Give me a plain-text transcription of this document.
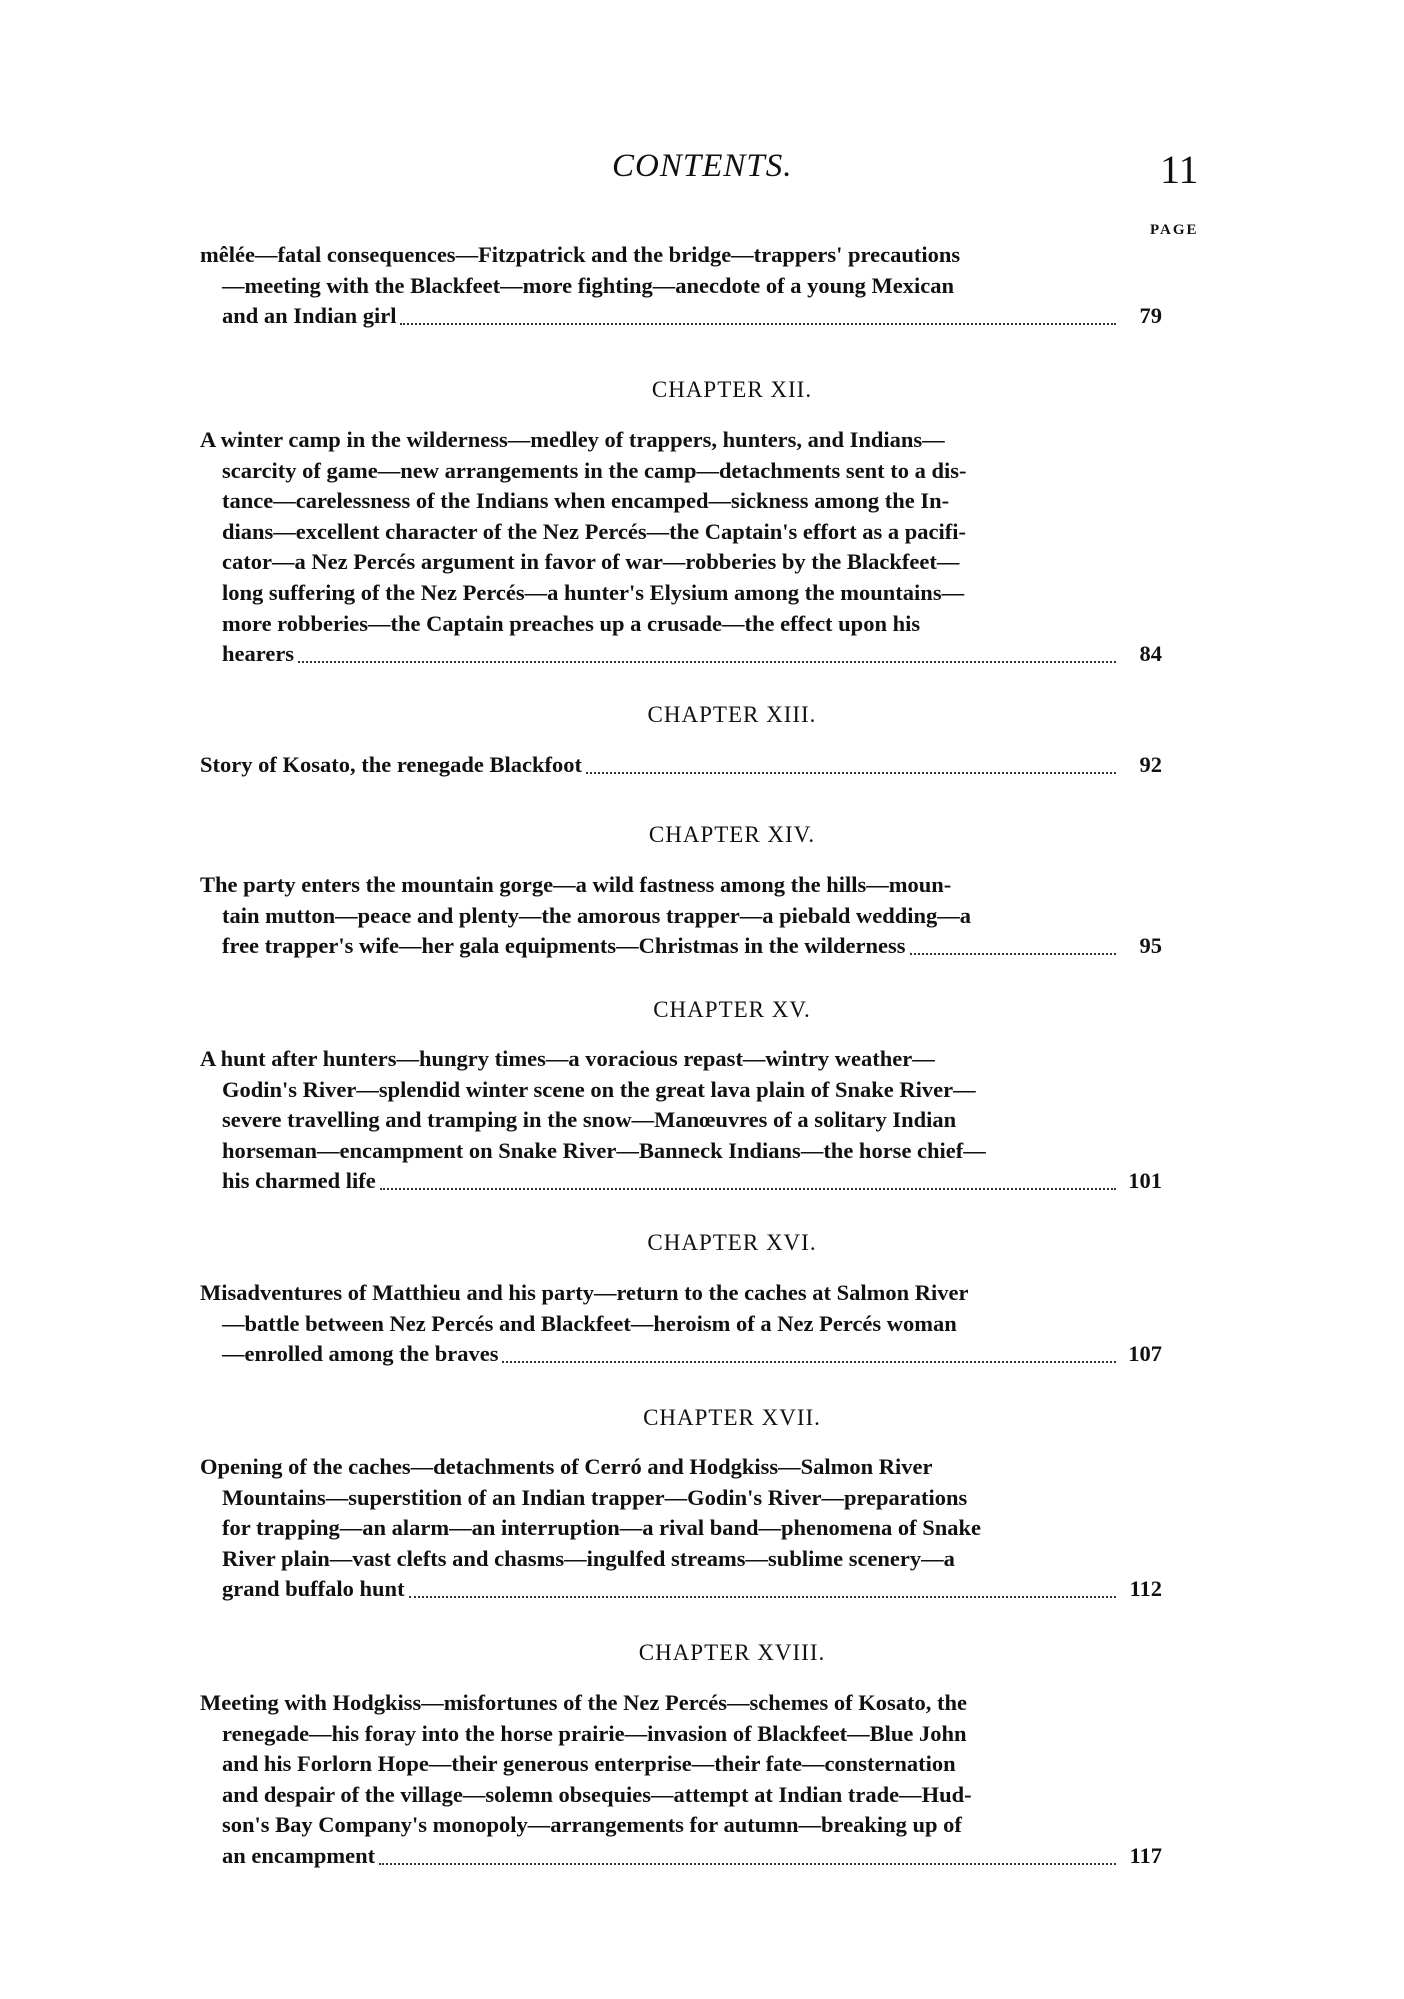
CONTENTS.	11
PAGE
mêlée—fatal consequences—Fitzpatrick and the bridge—trappers' precautions
—meeting with the Blackfeet—more fighting—anecdote of a young Mexican
and an Indian girl	79

CHAPTER XII.

A winter camp in the wilderness—medley of trappers, hunters, and Indians—
scarcity of game—new arrangements in the camp—detachments sent to a dis-
tance—carelessness of the Indians when encamped—sickness among the In-
dians—excellent character of the Nez Percés—the Captain's effort as a pacifi-
cator—a Nez Percés argument in favor of war—robberies by the Blackfeet—
long suffering of the Nez Percés—a hunter's Elysium among the mountains—
more robberies—the Captain preaches up a crusade—the effect upon his
hearers	84

CHAPTER XIII.

Story of Kosato, the renegade Blackfoot	92

CHAPTER XIV.

The party enters the mountain gorge—a wild fastness among the hills—moun-
tain mutton—peace and plenty—the amorous trapper—a piebald wedding—a
free trapper's wife—her gala equipments—Christmas in the wilderness	95

CHAPTER XV.

A hunt after hunters—hungry times—a voracious repast—wintry weather—
Godin's River—splendid winter scene on the great lava plain of Snake River—
severe travelling and tramping in the snow—Manœuvres of a solitary Indian
horseman—encampment on Snake River—Banneck Indians—the horse chief—
his charmed life	101

CHAPTER XVI.

Misadventures of Matthieu and his party—return to the caches at Salmon River
—battle between Nez Percés and Blackfeet—heroism of a Nez Percés woman
—enrolled among the braves	107

CHAPTER XVII.

Opening of the caches—detachments of Cerró and Hodgkiss—Salmon River
Mountains—superstition of an Indian trapper—Godin's River—preparations
for trapping—an alarm—an interruption—a rival band—phenomena of Snake
River plain—vast clefts and chasms—ingulfed streams—sublime scenery—a
grand buffalo hunt	112

CHAPTER XVIII.

Meeting with Hodgkiss—misfortunes of the Nez Percés—schemes of Kosato, the
renegade—his foray into the horse prairie—invasion of Blackfeet—Blue John
and his Forlorn Hope—their generous enterprise—their fate—consternation
and despair of the village—solemn obsequies—attempt at Indian trade—Hud-
son's Bay Company's monopoly—arrangements for autumn—breaking up of
an encampment	117
